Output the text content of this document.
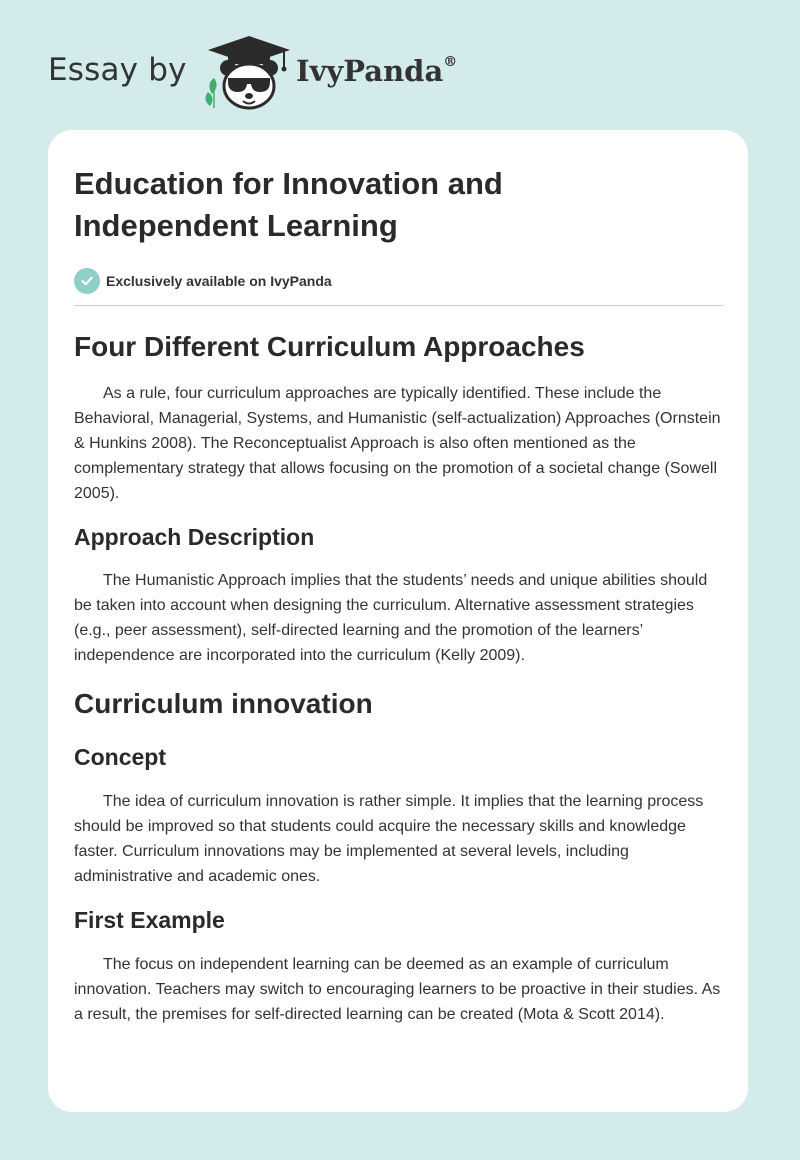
Essay by	IvyPanda®
Education for Innovation and
Independent Learning
Exclusively available on IvyPanda
Four Different Curriculum Approaches

As a rule, four curriculum approaches are typically identified. These include the Behavioral, Managerial, Systems, and Humanistic (self-actualization) Approaches (Ornstein & Hunkins 2008). The Reconceptualist Approach is also often mentioned as the complementary strategy that allows focusing on the promotion of a societal change (Sowell 2005).

Approach Description

The Humanistic Approach implies that the students’ needs and unique abilities should be taken into account when designing the curriculum. Alternative assessment strategies (e.g., peer assessment), self-directed learning and the promotion of the learners’ independence are incorporated into the curriculum (Kelly 2009).

Curriculum innovation
Concept

The idea of curriculum innovation is rather simple. It implies that the learning process should be improved so that students could acquire the necessary skills and knowledge faster. Curriculum innovations may be implemented at several levels, including administrative and academic ones.

First Example

The focus on independent learning can be deemed as an example of curriculum innovation. Teachers may switch to encouraging learners to be proactive in their studies. As a result, the premises for self-directed learning can be created (Mota & Scott 2014).
